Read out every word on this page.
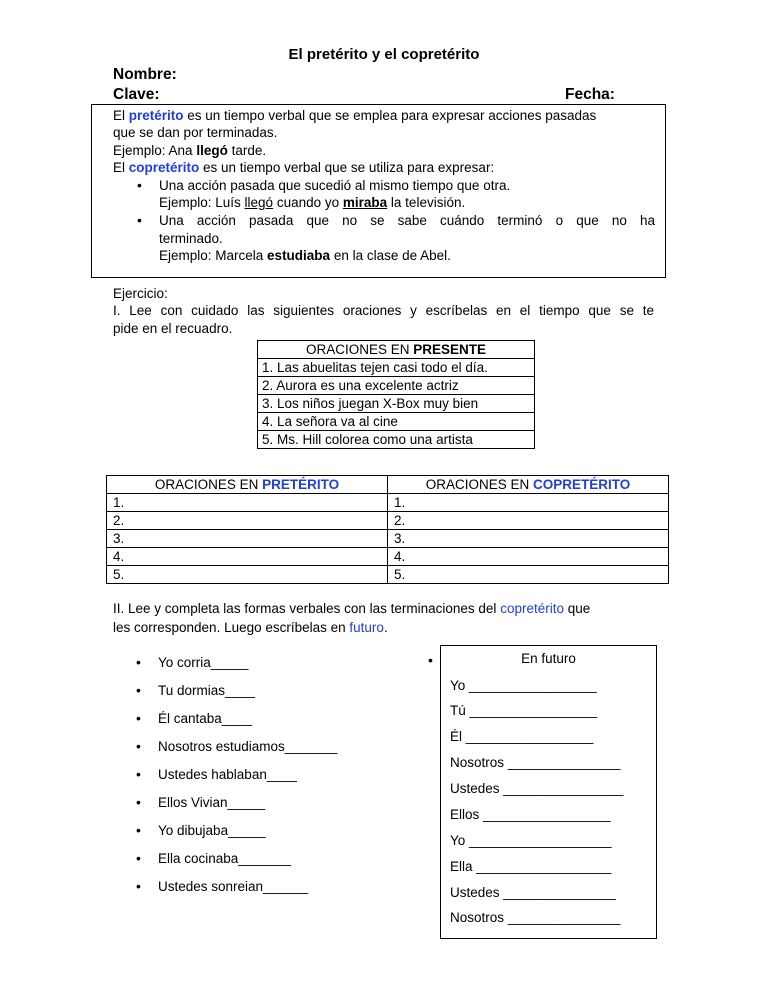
El pretérito y el copretérito
Nombre:
Clave:	Fecha:
El pretérito es un tiempo verbal que se emplea para expresar acciones pasadas
que se dan por terminadas.
Ejemplo: Ana llegó tarde.
El copretérito es un tiempo verbal que se utiliza para expresar:
• Una acción pasada que sucedió al mismo tiempo que otra.
Ejemplo: Luís llegó cuando yo miraba la televisión.
• Una acción pasada que no se sabe cuándo terminó o que no ha
terminado.
Ejemplo: Marcela estudiaba en la clase de Abel.
Ejercicio:
I. Lee con cuidado las siguientes oraciones y escríbelas en el tiempo que se te
pide en el recuadro.
ORACIONES EN PRESENTE
1. Las abuelitas tejen casi todo el día.
2. Aurora es una excelente actriz
3. Los niños juegan X-Box muy bien
4. La señora va al cine
5. Ms. Hill colorea como una artista
ORACIONES EN PRETÉRITO	ORACIONES EN COPRETÉRITO
1.	1.
2.	2.
3.	3.
4.	4.
5.	5.
II. Lee y completa las formas verbales con las terminaciones del copretérito que
les corresponden. Luego escríbelas en futuro.
• Yo corria_____
• Tu dormias____
• Él cantaba____
• Nosotros estudiamos_______
• Ustedes hablaban____
• Ellos Vivian_____
• Yo dibujaba_____
• Ella cocinaba_______
• Ustedes sonreian______
•	En futuro
Yo _________________
Tú _________________
Él _________________
Nosotros _______________
Ustedes ________________
Ellos _________________
Yo ___________________
Ella __________________
Ustedes _______________
Nosotros _______________
